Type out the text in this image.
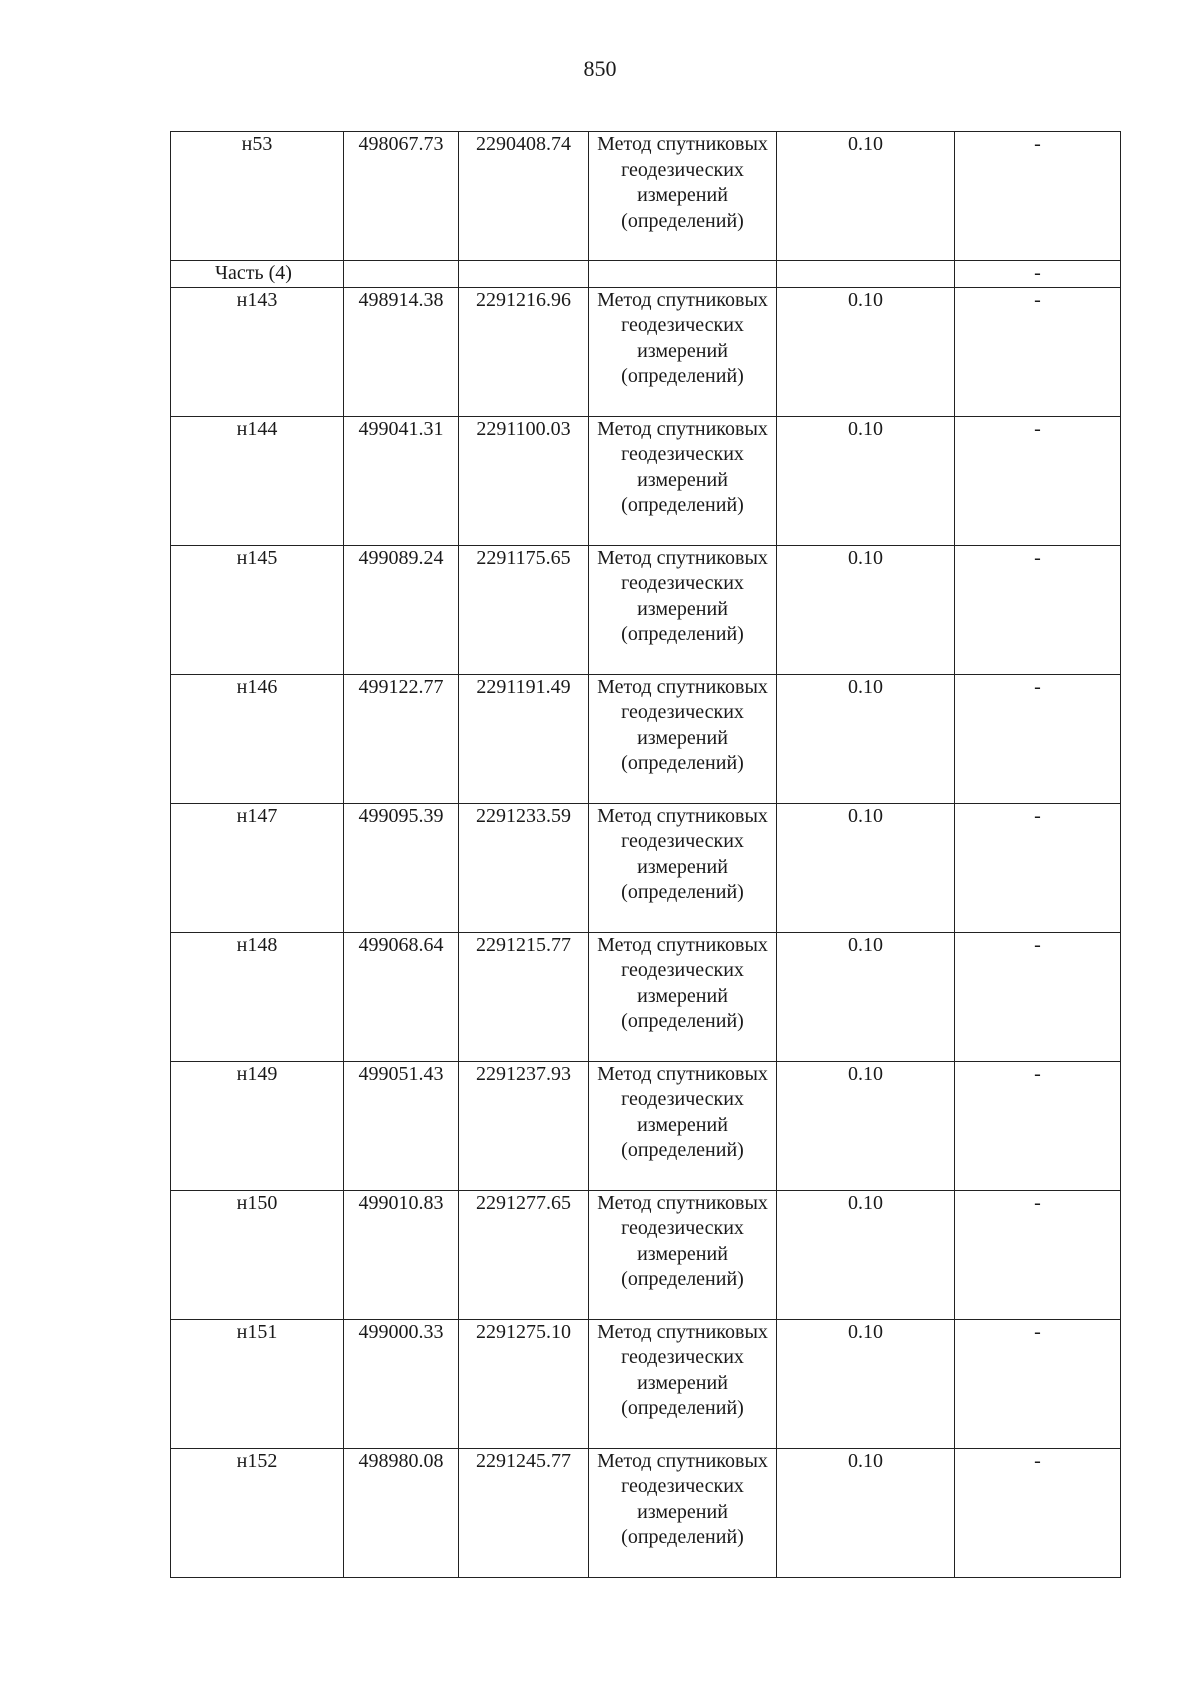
850
н53	498067.73	2290408.74	Метод спутниковых геодезических измерений (определений)	0.10	-
Часть (4)					-
н143	498914.38	2291216.96	Метод спутниковых геодезических измерений (определений)	0.10	-
н144	499041.31	2291100.03	Метод спутниковых геодезических измерений (определений)	0.10	-
н145	499089.24	2291175.65	Метод спутниковых геодезических измерений (определений)	0.10	-
н146	499122.77	2291191.49	Метод спутниковых геодезических измерений (определений)	0.10	-
н147	499095.39	2291233.59	Метод спутниковых геодезических измерений (определений)	0.10	-
н148	499068.64	2291215.77	Метод спутниковых геодезических измерений (определений)	0.10	-
н149	499051.43	2291237.93	Метод спутниковых геодезических измерений (определений)	0.10	-
н150	499010.83	2291277.65	Метод спутниковых геодезических измерений (определений)	0.10	-
н151	499000.33	2291275.10	Метод спутниковых геодезических измерений (определений)	0.10	-
н152	498980.08	2291245.77	Метод спутниковых геодезических измерений (определений)	0.10	-
